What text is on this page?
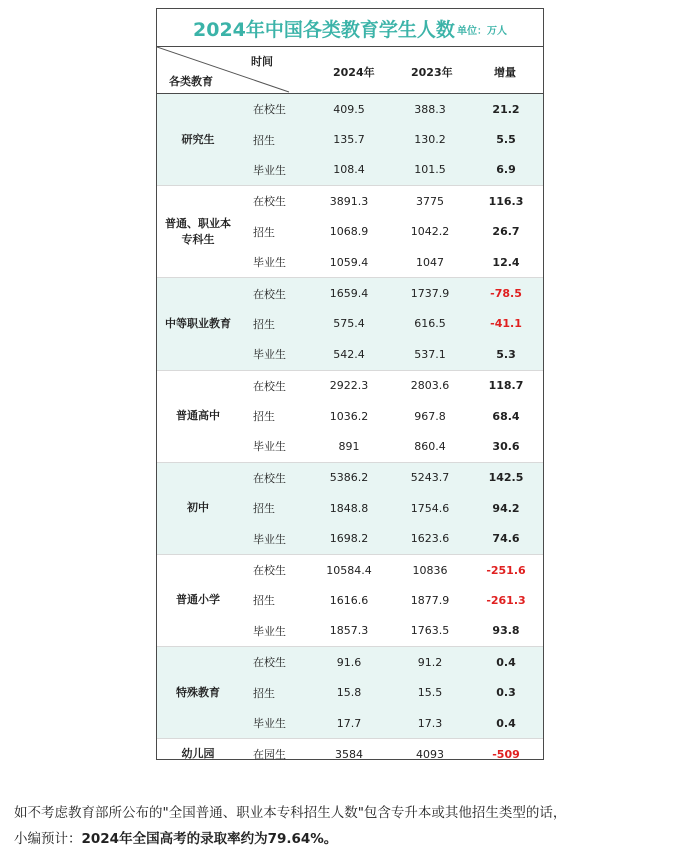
2024年中国各类教育学生人数 单位：万人
时间
各类教育
2024年	2023年	增量
研究生
在校生	409.5	388.3	21.2
招生	135.7	130.2	5.5
毕业生	108.4	101.5	6.9
普通、职业本
专科生
在校生	3891.3	3775	116.3
招生	1068.9	1042.2	26.7
毕业生	1059.4	1047	12.4
中等职业教育
在校生	1659.4	1737.9	-78.5
招生	575.4	616.5	-41.1
毕业生	542.4	537.1	5.3
普通高中
在校生	2922.3	2803.6	118.7
招生	1036.2	967.8	68.4
毕业生	891	860.4	30.6
初中
在校生	5386.2	5243.7	142.5
招生	1848.8	1754.6	94.2
毕业生	1698.2	1623.6	74.6
普通小学
在校生	10584.4	10836	-251.6
招生	1616.6	1877.9	-261.3
毕业生	1857.3	1763.5	93.8
特殊教育
在校生	91.6	91.2	0.4
招生	15.8	15.5	0.3
毕业生	17.7	17.3	0.4
幼儿园	在园生	3584	4093	-509
如不考虑教育部所公布的"全国普通、职业本专科招生人数"包含专升本或其他招生类型的话，
小编预计：2024年全国高考的录取率约为79.64%。
